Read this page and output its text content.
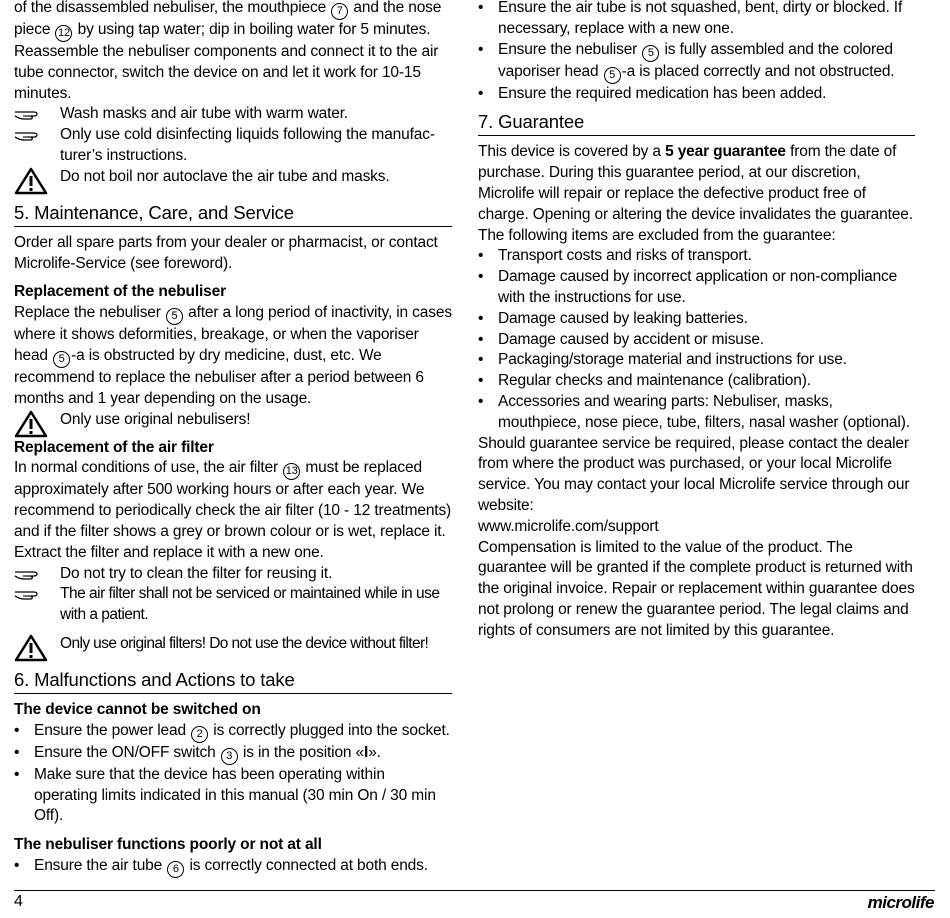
of the disassembled nebuliser, the mouthpiece 7 and the nose piece 12 by using tap water; dip in boiling water for 5 minutes. Reassemble the nebuliser components and connect it to the air tube connector, switch the device on and let it work for 10-15 minutes.

Wash masks and air tube with warm water.
Only use cold disinfecting liquids following the manufac-turer’s instructions.
Do not boil nor autoclave the air tube and masks.
5. Maintenance, Care, and Service

Order all spare parts from your dealer or pharmacist, or contact Microlife-Service (see foreword).

Replacement of the nebuliser

Replace the nebuliser 5 after a long period of inactivity, in cases where it shows deformities, breakage, or when the vaporiser head 5 -a is obstructed by dry medicine, dust, etc. We recommend to replace the nebuliser after a period between 6 months and 1 year depending on the usage.

Only use original nebulisers!

Replacement of the air filter

In normal conditions of use, the air filter 13 must be replaced approximately after 500 working hours or after each year. We recommend to periodically check the air filter (10 - 12 treatments) and if the filter shows a grey or brown colour or is wet, replace it. Extract the filter and replace it with a new one.

Do not try to clean the filter for reusing it.
The air filter shall not be serviced or maintained while in use with a patient.
Only use original filters! Do not use the device without filter!
6. Malfunctions and Actions to take

The device cannot be switched on

• Ensure the power lead 2 is correctly plugged into the socket.
• Ensure the ON/OFF switch 3 is in the position «I».
• Make sure that the device has been operating within operating limits indicated in this manual (30 min On / 30 min Off).

The nebuliser functions poorly or not at all

• Ensure the air tube 6 is correctly connected at both ends.
• Ensure the air tube is not squashed, bent, dirty or blocked. If necessary, replace with a new one.
• Ensure the nebuliser 5 is fully assembled and the colored vaporiser head 5 -a is placed correctly and not obstructed.
• Ensure the required medication has been added.
7. Guarantee

This device is covered by a 5 year guarantee from the date of purchase. During this guarantee period, at our discretion, Microlife will repair or replace the defective product free of charge. Opening or altering the device invalidates the guarantee.

The following items are excluded from the guarantee:

• Transport costs and risks of transport.
• Damage caused by incorrect application or non-compliance with the instructions for use.
• Damage caused by leaking batteries.
• Damage caused by accident or misuse.
• Packaging/storage material and instructions for use.
• Regular checks and maintenance (calibration).
• Accessories and wearing parts: Nebuliser, masks, mouthpiece, nose piece, tube, filters, nasal washer (optional).

Should guarantee service be required, please contact the dealer from where the product was purchased, or your local Microlife service. You may contact your local Microlife service through our website:

www.microlife.com/support

Compensation is limited to the value of the product. The guarantee will be granted if the complete product is returned with the original invoice. Repair or replacement within guarantee does not prolong or renew the guarantee period. The legal claims and rights of consumers are not limited by this guarantee.

4	microlife
